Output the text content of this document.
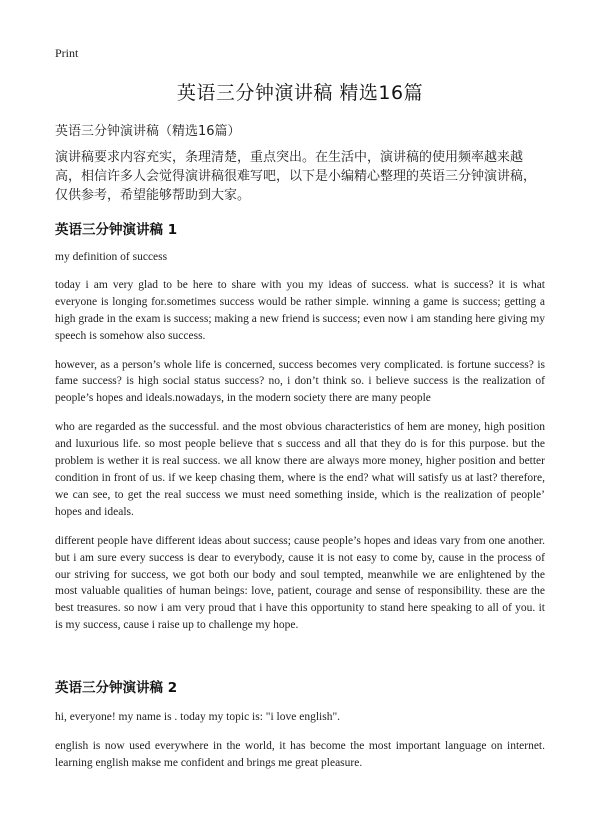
Print
英语三分钟演讲稿 精选16篇
英语三分钟演讲稿（精选16篇）
演讲稿要求内容充实，条理清楚，重点突出。在生活中，演讲稿的使用频率越来越高，相信许多人会觉得演讲稿很难写吧，以下是小编精心整理的英语三分钟演讲稿，仅供参考，希望能够帮助到大家。
英语三分钟演讲稿 1

my definition of success

today i am very glad to be here to share with you my ideas of success. what is success? it is what everyone is longing for.sometimes success would be rather simple. winning a game is success; getting a high grade in the exam is success; making a new friend is success; even now i am standing here giving my speech is somehow also success.

however, as a person’s whole life is concerned, success becomes very complicated. is fortune success? is fame success? is high social status success? no, i don’t think so. i believe success is the realization of people’s hopes and ideals.nowadays, in the modern society there are many people

who are regarded as the successful. and the most obvious characteristics of hem are money, high position and luxurious life. so most people believe that s success and all that they do is for this purpose. but the problem is wether it is real success. we all know there are always more money, higher position and better condition in front of us. if we keep chasing them, where is the end? what will satisfy us at last? therefore, we can see, to get the real success we must need something inside, which is the realization of people’ hopes and ideals.

different people have different ideas about success; cause people’s hopes and ideas vary from one another. but i am sure every success is dear to everybody, cause it is not easy to come by, cause in the process of our striving for success, we got both our body and soul tempted, meanwhile we are enlightened by the most valuable qualities of human beings: love, patient, courage and sense of responsibility. these are the best treasures. so now i am very proud that i have this opportunity to stand here speaking to all of you. it is my success, cause i raise up to challenge my hope.

英语三分钟演讲稿 2

hi, everyone! my name is . today my topic is: "i love english".

english is now used everywhere in the world, it has become the most important language on internet. learning english makse me confident and brings me great pleasure.
